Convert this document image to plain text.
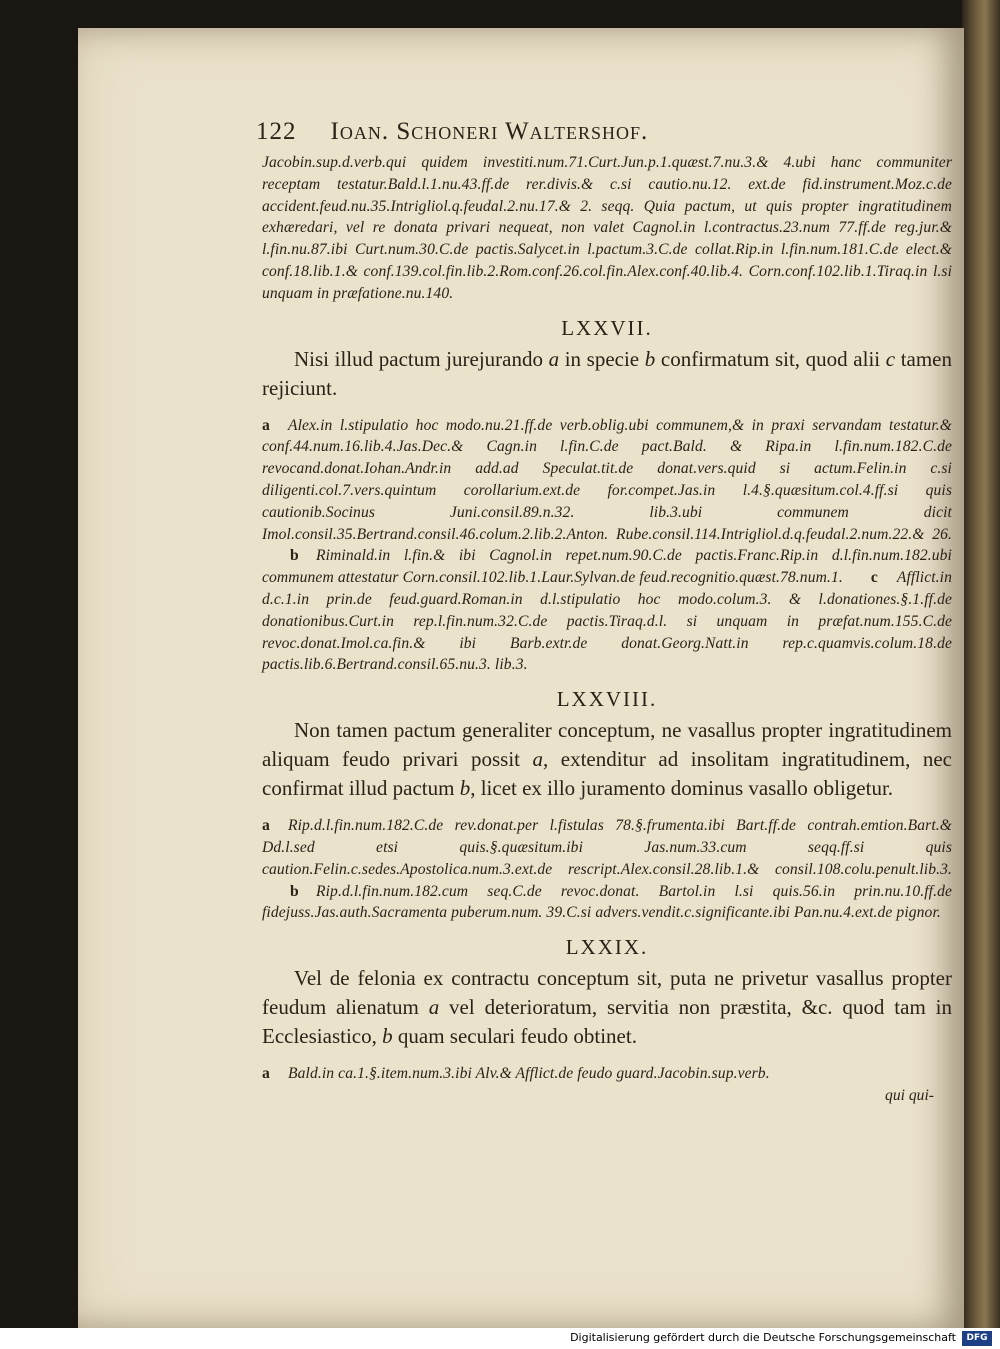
122 Ioan. Schoneri Waltershof.

Jacobin.sup.d.verb.qui quidem investiti.num.71.Curt.Jun.p.1.quæst.7.nu.3.& 4.ubi hanc communiter receptam testatur.Bald.l.1.nu.43.ff.de rer.divis.& c.si cautio.nu.12. ext.de fid.instrument.Moz.c.de accident.feud.nu.35.Intrigliol.q.feudal.2.nu.17.& 2. seqq. Quia pactum, ut quis propter ingratitudinem exhæredari, vel re donata privari nequeat, non valet Cagnol.in l.contractus.23.num 77.ff.de reg.jur.& l.fin.nu.87.ibi Curt.num.30.C.de pactis.Salycet.in l.pactum.3.C.de collat.Rip.in l.fin.num.181.C.de elect.& conf.18.lib.1.& conf.139.col.fin.lib.2.Rom.conf.26.col.fin.Alex.conf.40.lib.4. Corn.conf.102.lib.1.Tiraq.in l.si unquam in præfatione.nu.140.

LXXVII.

Nisi illud pactum jurejurando a in specie b confirmatum sit, quod alii c tamen rejiciunt.

a Alex.in l.stipulatio hoc modo.nu.21.ff.de verb.oblig.ubi communem,& in praxi servandam testatur.& conf.44.num.16.lib.4.Jas.Dec.& Cagn.in l.fin.C.de pact.Bald. & Ripa.in l.fin.num.182.C.de revocand.donat.Iohan.Andr.in add.ad Speculat.tit.de donat.vers.quid si actum.Felin.in c.si diligenti.col.7.vers.quintum corollarium.ext.de for.compet.Jas.in l.4.§.quæsitum.col.4.ff.si quis cautionib.Socinus Juni.consil.89.n.32. lib.3.ubi communem dicit Imol.consil.35.Bertrand.consil.46.colum.2.lib.2.Anton. Rube.consil.114.Intrigliol.d.q.feudal.2.num.22.& 26.b Riminald.in l.fin.& ibi Cagnol.in repet.num.90.C.de pactis.Franc.Rip.in d.l.fin.num.182.ubi communem attestatur Corn.consil.102.lib.1.Laur.Sylvan.de feud.recognitio.quæst.78.num.1. c Afflict.in d.c.1.in prin.de feud.guard.Roman.in d.l.stipulatio hoc modo.colum.3. & l.donationes.§.1.ff.de donationibus.Curt.in rep.l.fin.num.32.C.de pactis.Tiraq.d.l. si unquam in præfat.num.155.C.de revoc.donat.Imol.ca.fin.& ibi Barb.extr.de donat.Georg.Natt.in rep.c.quamvis.colum.18.de pactis.lib.6.Bertrand.consil.65.nu.3. lib.3.

LXXVIII.

Non tamen pactum generaliter conceptum, ne vasallus propter ingratitudinem aliquam feudo privari possit a, extenditur ad insolitam ingratitudinem, nec confirmat illud pactum b, licet ex illo juramento dominus vasallo obligetur.

a Rip.d.l.fin.num.182.C.de rev.donat.per l.fistulas 78.§.frumenta.ibi Bart.ff.de contrah.emtion.Bart.& Dd.l.sed etsi quis.§.quæsitum.ibi Jas.num.33.cum seqq.ff.si quis caution.Felin.c.sedes.Apostolica.num.3.ext.de rescript.Alex.consil.28.lib.1.& consil.108.colu.penult.lib.3.b Rip.d.l.fin.num.182.cum seq.C.de revoc.donat. Bartol.in l.si quis.56.in prin.nu.10.ff.de fidejuss.Jas.auth.Sacramenta puberum.num. 39.C.si advers.vendit.c.significante.ibi Pan.nu.4.ext.de pignor.

LXXIX.

Vel de felonia ex contractu conceptum sit, puta ne privetur vasallus propter feudum alienatum a vel deterioratum, servitia non præstita, &c. quod tam in Ecclesiastico, b quam seculari feudo obtinet.

a Bald.in ca.1.§.item.num.3.ibi Alv.& Afflict.de feudo guard.Jacobin.sup.verb.

qui qui-
Digitalisierung gefördert durch die Deutsche Forschungsgemeinschaft	DFG
